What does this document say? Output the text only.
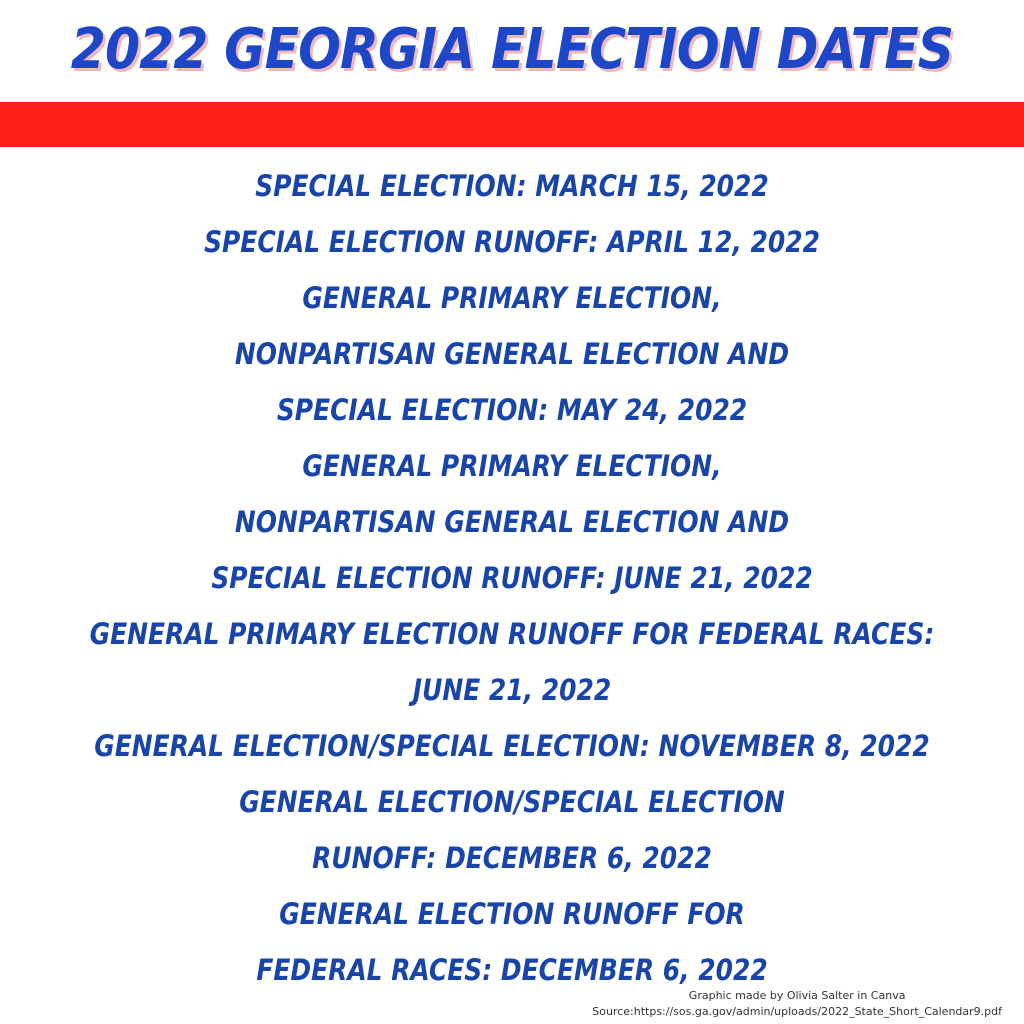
2022 GEORGIA ELECTION DATES
SPECIAL ELECTION: MARCH 15, 2022
SPECIAL ELECTION RUNOFF: APRIL 12, 2022
GENERAL PRIMARY ELECTION,
NONPARTISAN GENERAL ELECTION AND
SPECIAL ELECTION: MAY 24, 2022
GENERAL PRIMARY ELECTION,
NONPARTISAN GENERAL ELECTION AND
SPECIAL ELECTION RUNOFF: JUNE 21, 2022
GENERAL PRIMARY ELECTION RUNOFF FOR FEDERAL RACES:
JUNE 21, 2022
GENERAL ELECTION/SPECIAL ELECTION: NOVEMBER 8, 2022
GENERAL ELECTION/SPECIAL ELECTION
RUNOFF: DECEMBER 6, 2022
GENERAL ELECTION RUNOFF FOR
FEDERAL RACES: DECEMBER 6, 2022
Graphic made by Olivia Salter in Canva
Source:https://sos.ga.gov/admin/uploads/2022_State_Short_Calendar9.pdf
